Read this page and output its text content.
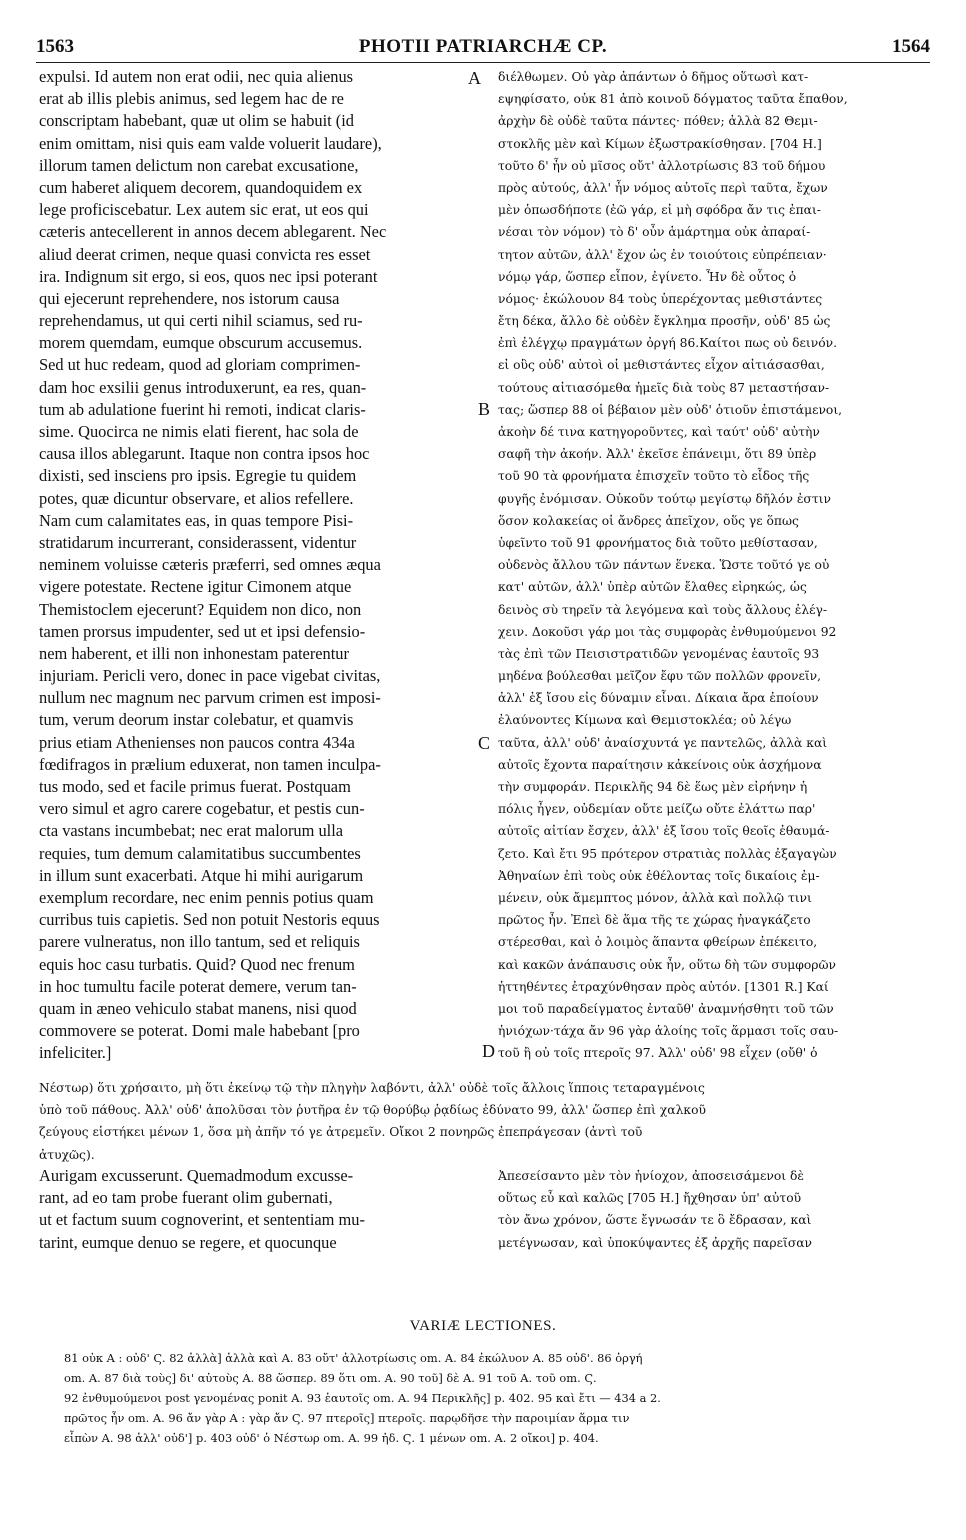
1563	PHOTII PATRIARCHÆ CP.	1564
A
B
C
D
expulsi. Id autem non erat odii, nec quia alienus
erat ab illis plebis animus, sed legem hac de re
conscriptam habebant, quæ ut olim se habuit (id
enim omittam, nisi quis eam valde voluerit laudare),
illorum tamen delictum non carebat excusatione,
cum haberet aliquem decorem, quandoquidem ex
lege proficiscebatur. Lex autem sic erat, ut eos qui
cæteris antecellerent in annos decem ablegarent. Nec
aliud deerat crimen, neque quasi convicta res esset
ira. Indignum sit ergo, si eos, quos nec ipsi poterant
qui ejecerunt reprehendere, nos istorum causa
reprehendamus, ut qui certi nihil sciamus, sed ru-
morem quemdam, eumque obscurum accusemus.
Sed ut huc redeam, quod ad gloriam comprimen-
dam hoc exsilii genus introduxerunt, ea res, quan-
tum ab adulatione fuerint hi remoti, indicat claris-
sime. Quocirca ne nimis elati fierent, hac sola de
causa illos ablegarunt. Itaque non contra ipsos hoc
dixisti, sed insciens pro ipsis. Egregie tu quidem
potes, quæ dicuntur observare, et alios refellere.
Nam cum calamitates eas, in quas tempore Pisi-
stratidarum incurrerant, considerassent, videntur
neminem voluisse cæteris præferri, sed omnes æqua
vigere potestate. Rectene igitur Cimonem atque
Themistoclem ejecerunt? Equidem non dico, non
tamen prorsus impudenter, sed ut et ipsi defensio-
nem haberent, et illi non inhonestam paterentur
injuriam. Pericli vero, donec in pace vigebat civitas,
nullum nec magnum nec parvum crimen est imposi-
tum, verum deorum instar colebatur, et quamvis
prius etiam Athenienses non paucos contra 434a
fœdifragos in prælium eduxerat, non tamen inculpa-
tus modo, sed et facile primus fuerat. Postquam
vero simul et agro carere cogebatur, et pestis cun-
cta vastans incumbebat; nec erat malorum ulla
requies, tum demum calamitatibus succumbentes
in illum sunt exacerbati. Atque hi mihi aurigarum
exemplum recordare, nec enim pennis potius quam
curribus tuis capietis. Sed non potuit Nestoris equus
parere vulneratus, non illo tantum, sed et reliquis
equis hoc casu turbatis. Quid? Quod nec frenum
in hoc tumultu facile poterat demere, verum tan-
quam in æneo vehiculo stabat manens, nisi quod
commovere se poterat. Domi male habebant [pro
infeliciter.]
διέλθωμεν. Οὐ γὰρ ἀπάντων ὁ δῆμος οὕτωσὶ κατ-
εψηφίσατο, οὐκ 81 ἀπὸ κοινοῦ δόγματος ταῦτα ἔπαθον,
ἀρχὴν δὲ οὐδὲ ταῦτα πάντες· πόθεν; ἀλλὰ 82 Θεμι-
στοκλῆς μὲν καὶ Κίμων ἐξωστρακίσθησαν. [704 H.]
τοῦτο δ' ἦν οὐ μῖσος οὔτ' ἀλλοτρίωσις 83 τοῦ δήμου
πρὸς αὐτούς, ἀλλ' ἦν νόμος αὐτοῖς περὶ ταῦτα, ἔχων
μὲν ὁπωσδήποτε (ἐῶ γάρ, εἰ μὴ σφόδρα ἄν τις ἐπαι-
νέσαι τὸν νόμον) τὸ δ' οὖν ἁμάρτημα οὐκ ἀπαραί-
τητον αὐτῶν, ἀλλ' ἔχον ὡς ἐν τοιούτοις εὐπρέπειαν·
νόμῳ γάρ, ὥσπερ εἶπον, ἐγίνετο. Ἦν δὲ οὗτος ὁ
νόμος· ἐκώλουον 84 τοὺς ὑπερέχοντας μεθιστάντες
ἔτη δέκα, ἄλλο δὲ οὐδὲν ἔγκλημα προσῆν, οὐδ' 85 ὡς
ἐπὶ ἐλέγχῳ πραγμάτων ὀργή 86.Καίτοι πως οὐ δεινόν.
εἰ οὓς οὐδ' αὐτοὶ οἱ μεθιστάντες εἶχον αἰτιάσασθαι,
τούτους αἰτιασόμεθα ἡμεῖς διὰ τοὺς 87 μεταστήσαν-
τας; ὥσπερ 88 οἱ βέβαιον μὲν οὐδ' ὁτιοῦν ἐπιστάμενοι,
ἀκοὴν δέ τινα κατηγοροῦντες, καὶ ταύτ' οὐδ' αὐτὴν
σαφῆ τὴν ἀκοήν. Ἀλλ' ἐκεῖσε ἐπάνειμι, ὅτι 89 ὑπὲρ
τοῦ 90 τὰ φρονήματα ἐπισχεῖν τοῦτο τὸ εἶδος τῆς
φυγῆς ἐνόμισαν. Οὐκοῦν τούτῳ μεγίστῳ δῆλόν ἐστιν
ὅσον κολακείας οἱ ἄνδρες ἀπεῖχον, οὕς γε ὅπως
ὑφεῖντο τοῦ 91 φρονήματος διὰ τοῦτο μεθίστασαν,
οὐδενὸς ἄλλου τῶν πάντων ἕνεκα. Ὥστε τοῦτό γε οὐ
κατ' αὐτῶν, ἀλλ' ὑπὲρ αὐτῶν ἔλαθες εἰρηκώς, ὡς
δεινὸς σὺ τηρεῖν τὰ λεγόμενα καὶ τοὺς ἄλλους ἐλέγ-
χειν. Δοκοῦσι γάρ μοι τὰς συμφορὰς ἐνθυμούμενοι 92
τὰς ἐπὶ τῶν Πεισιστρατιδῶν γενομένας ἑαυτοῖς 93
μηδένα βούλεσθαι μεῖζον ἔφυ τῶν πολλῶν φρονεῖν,
ἀλλ' ἐξ ἴσου εἰς δύναμιν εἶναι. Δίκαια ἄρα ἐποίουν
ἐλαύνοντες Κίμωνα καὶ Θεμιστοκλέα; οὐ λέγω
ταῦτα, ἀλλ' οὐδ' ἀναίσχυντά γε παντελῶς, ἀλλὰ καὶ
αὐτοῖς ἔχοντα παραίτησιν κἀκείνοις οὐκ ἀσχήμονα
τὴν συμφοράν. Περικλῆς 94 δὲ ἕως μὲν εἰρήνην ἡ
πόλις ἦγεν, οὐδεμίαν οὔτε μείζω οὔτε ἐλάττω παρ'
αὐτοῖς αἰτίαν ἔσχεν, ἀλλ' ἐξ ἴσου τοῖς θεοῖς ἐθαυμά-
ζετο. Καὶ ἔτι 95 πρότερον στρατιὰς πολλὰς ἐξαγαγὼν
Ἀθηναίων ἐπὶ τοὺς οὐκ ἐθέλοντας τοῖς δικαίοις ἐμ-
μένειν, οὐκ ἄμεμπτος μόνον, ἀλλὰ καὶ πολλῷ τινι
πρῶτος ἦν. Ἐπεὶ δὲ ἅμα τῆς τε χώρας ἠναγκάζετο
στέρεσθαι, καὶ ὁ λοιμὸς ἅπαντα φθείρων ἐπέκειτο,
καὶ κακῶν ἀνάπαυσις οὐκ ἦν, οὕτω δὴ τῶν συμφορῶν
ἡττηθέντες ἐτραχύνθησαν πρὸς αὐτόν. [1301 R.] Καί
μοι τοῦ παραδείγματος ἐνταῦθ' ἀναμνήσθητι τοῦ τῶν
ἡνιόχων·τάχα ἄν 96 γὰρ ἁλοίης τοῖς ἅρμασι τοῖς σαυ-
τοῦ ἢ οὐ τοῖς πτεροῖς 97. Ἀλλ' οὐδ' 98 εἶχεν (οὔθ' ὁ
Νέστωρ) ὅτι χρήσαιτο, μὴ ὅτι ἐκείνῳ τῷ τὴν πληγὴν λαβόντι, ἀλλ' οὐδὲ τοῖς ἄλλοις ἵπποις τεταραγμένοις
ὑπὸ τοῦ πάθους. Ἀλλ' οὐδ' ἀπολῦσαι τὸν ῥυτῆρα ἐν τῷ θορύβῳ ῥᾳδίως ἐδύνατο 99, ἀλλ' ὥσπερ ἐπὶ χαλκοῦ
ζεύγους εἱστήκει μένων 1, ὅσα μὴ ἀπῆν τό γε ἀτρεμεῖν. Οἴκοι 2 πονηρῶς ἐπεπράγεσαν (ἀντὶ τοῦ
ἀτυχῶς).
Aurigam excusserunt. Quemadmodum excusse-
rant, ad eo tam probe fuerant olim gubernati,
ut et factum suum cognoverint, et sententiam mu-
tarint, eumque denuo se regere, et quocunque
Ἀπεσείσαντο μὲν τὸν ἡνίοχον, ἀποσεισάμενοι δὲ
οὕτως εὖ καὶ καλῶς [705 H.] ἤχθησαν ὑπ' αὐτοῦ
τὸν ἄνω χρόνον, ὥστε ἔγνωσάν τε ὃ ἔδρασαν, καὶ
μετέγνωσαν, καὶ ὑποκύψαντες ἐξ ἀρχῆς παρεῖσαν
VARIÆ LECTIONES.
81 οὐκ A : οὐδ' Ϛ. 82 ἀλλὰ] ἀλλὰ καὶ A. 83 οὔτ' ἀλλοτρίωσις om. A. 84 ἐκώλυον A. 85 οὐδ'. 86 ὀργή
om. A. 87 διὰ τοὺς] δι' αὐτοὺς A. 88 ὥσπερ. 89 ὅτι om. A. 90 τοῦ] δὲ A. 91 τοῦ A. τοῦ om. Ϛ.
92 ἐνθυμούμενοι post γενομένας ponit A. 93 ἑαυτοῖς om. A. 94 Περικλῆς] p. 402. 95 καὶ ἔτι — 434 a 2.
πρῶτος ἦν om. A. 96 ἄν γὰρ A : γὰρ ἄν Ϛ. 97 πτεροῖς] πτεροῖς. παρῳδῆσε τὴν παροιμίαν ἅρμα τιν
εἶπὼν A. 98 ἀλλ' οὐδ'] p. 403 οὐδ' ὁ Νέστωρ om. A. 99 ἠδ. Ϛ. 1 μένων om. A. 2 οἴκοι] p. 404.
